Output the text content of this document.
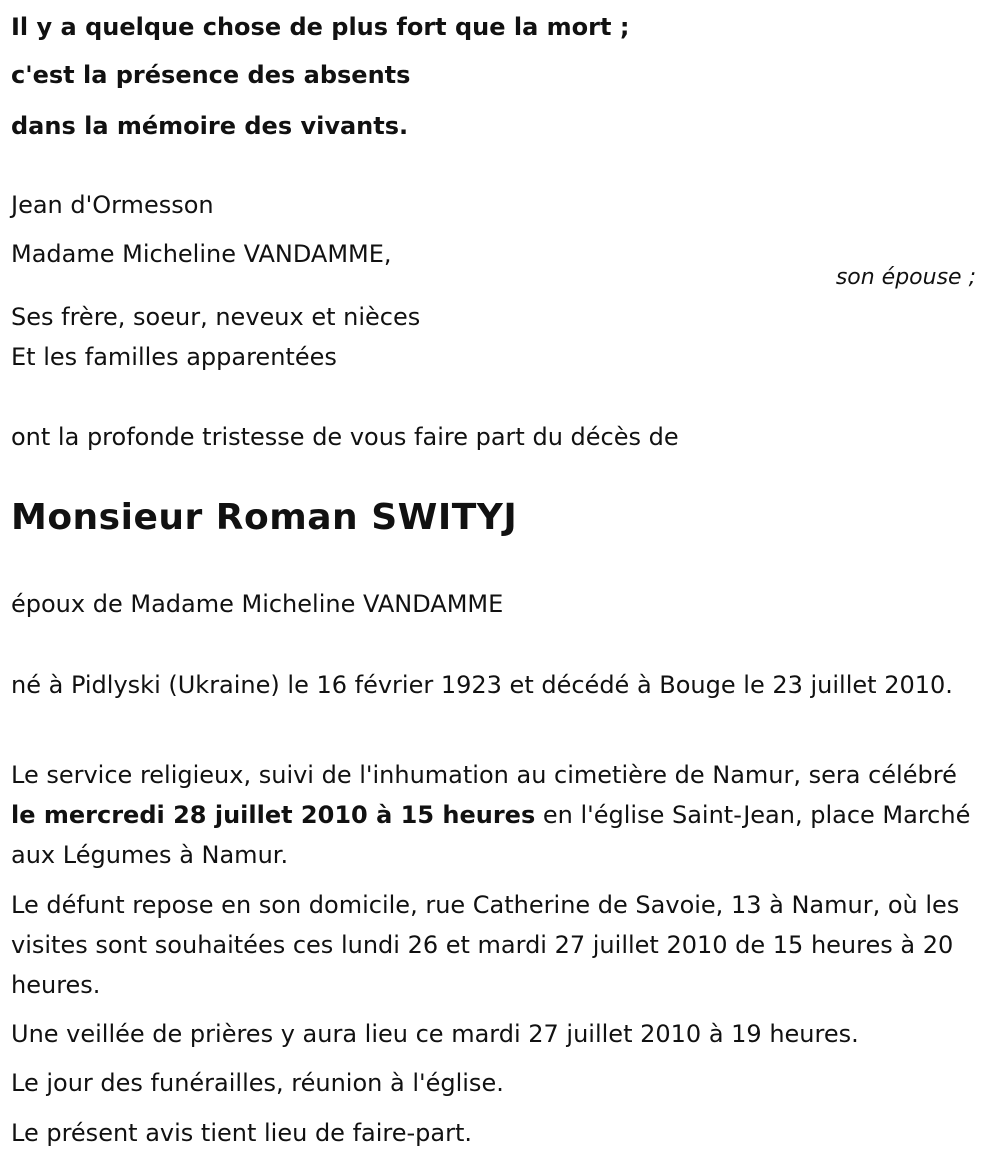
Il y a quelque chose de plus fort que la mort ;

c'est la présence des absents

dans la mémoire des vivants.

Jean d'Ormesson

Madame Micheline VANDAMME,

son épouse ;

Ses frère, soeur, neveux et nièces

Et les familles apparentées

ont la profonde tristesse de vous faire part du décès de

Monsieur Roman SWITYJ

époux de Madame Micheline VANDAMME

né à Pidlyski (Ukraine) le 16 février 1923 et décédé à Bouge le 23 juillet 2010.

Le service religieux, suivi de l'inhumation au cimetière de Namur, sera célébré le mercredi 28 juillet 2010 à 15 heures en l'église Saint-Jean, place Marché aux Légumes à Namur.

Le défunt repose en son domicile, rue Catherine de Savoie, 13 à Namur, où les visites sont souhaitées ces lundi 26 et mardi 27 juillet 2010 de 15 heures à 20 heures.

Une veillée de prières y aura lieu ce mardi 27 juillet 2010 à 19 heures.

Le jour des funérailles, réunion à l'église.

Le présent avis tient lieu de faire-part.
